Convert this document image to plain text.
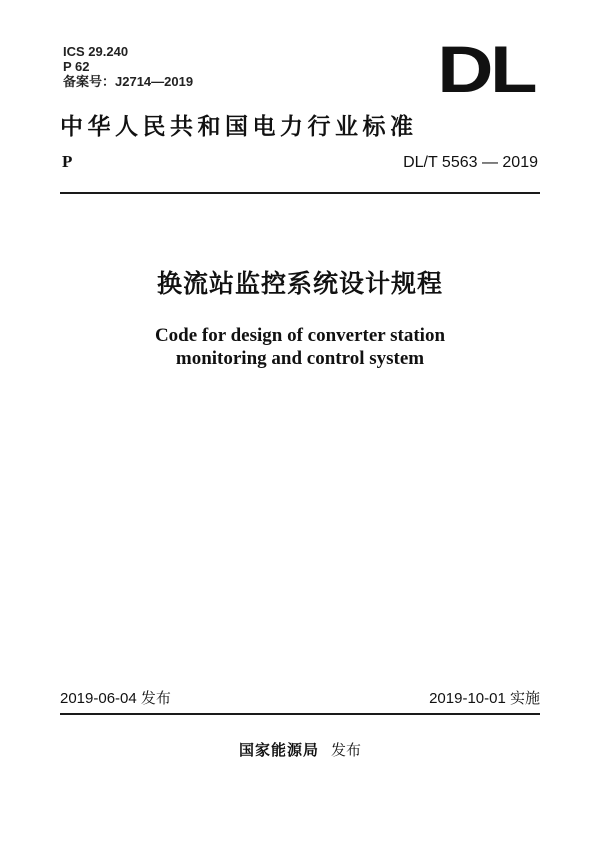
ICS 29.240
P 62
备案号：J2714—2019	DL
中华人民共和国电力行业标准
P	DL/T 5563 — 2019
换流站监控系统设计规程
Code for design of converter station
monitoring and control system
2019-06-04 发布	2019-10-01 实施
国家能源局 发布
